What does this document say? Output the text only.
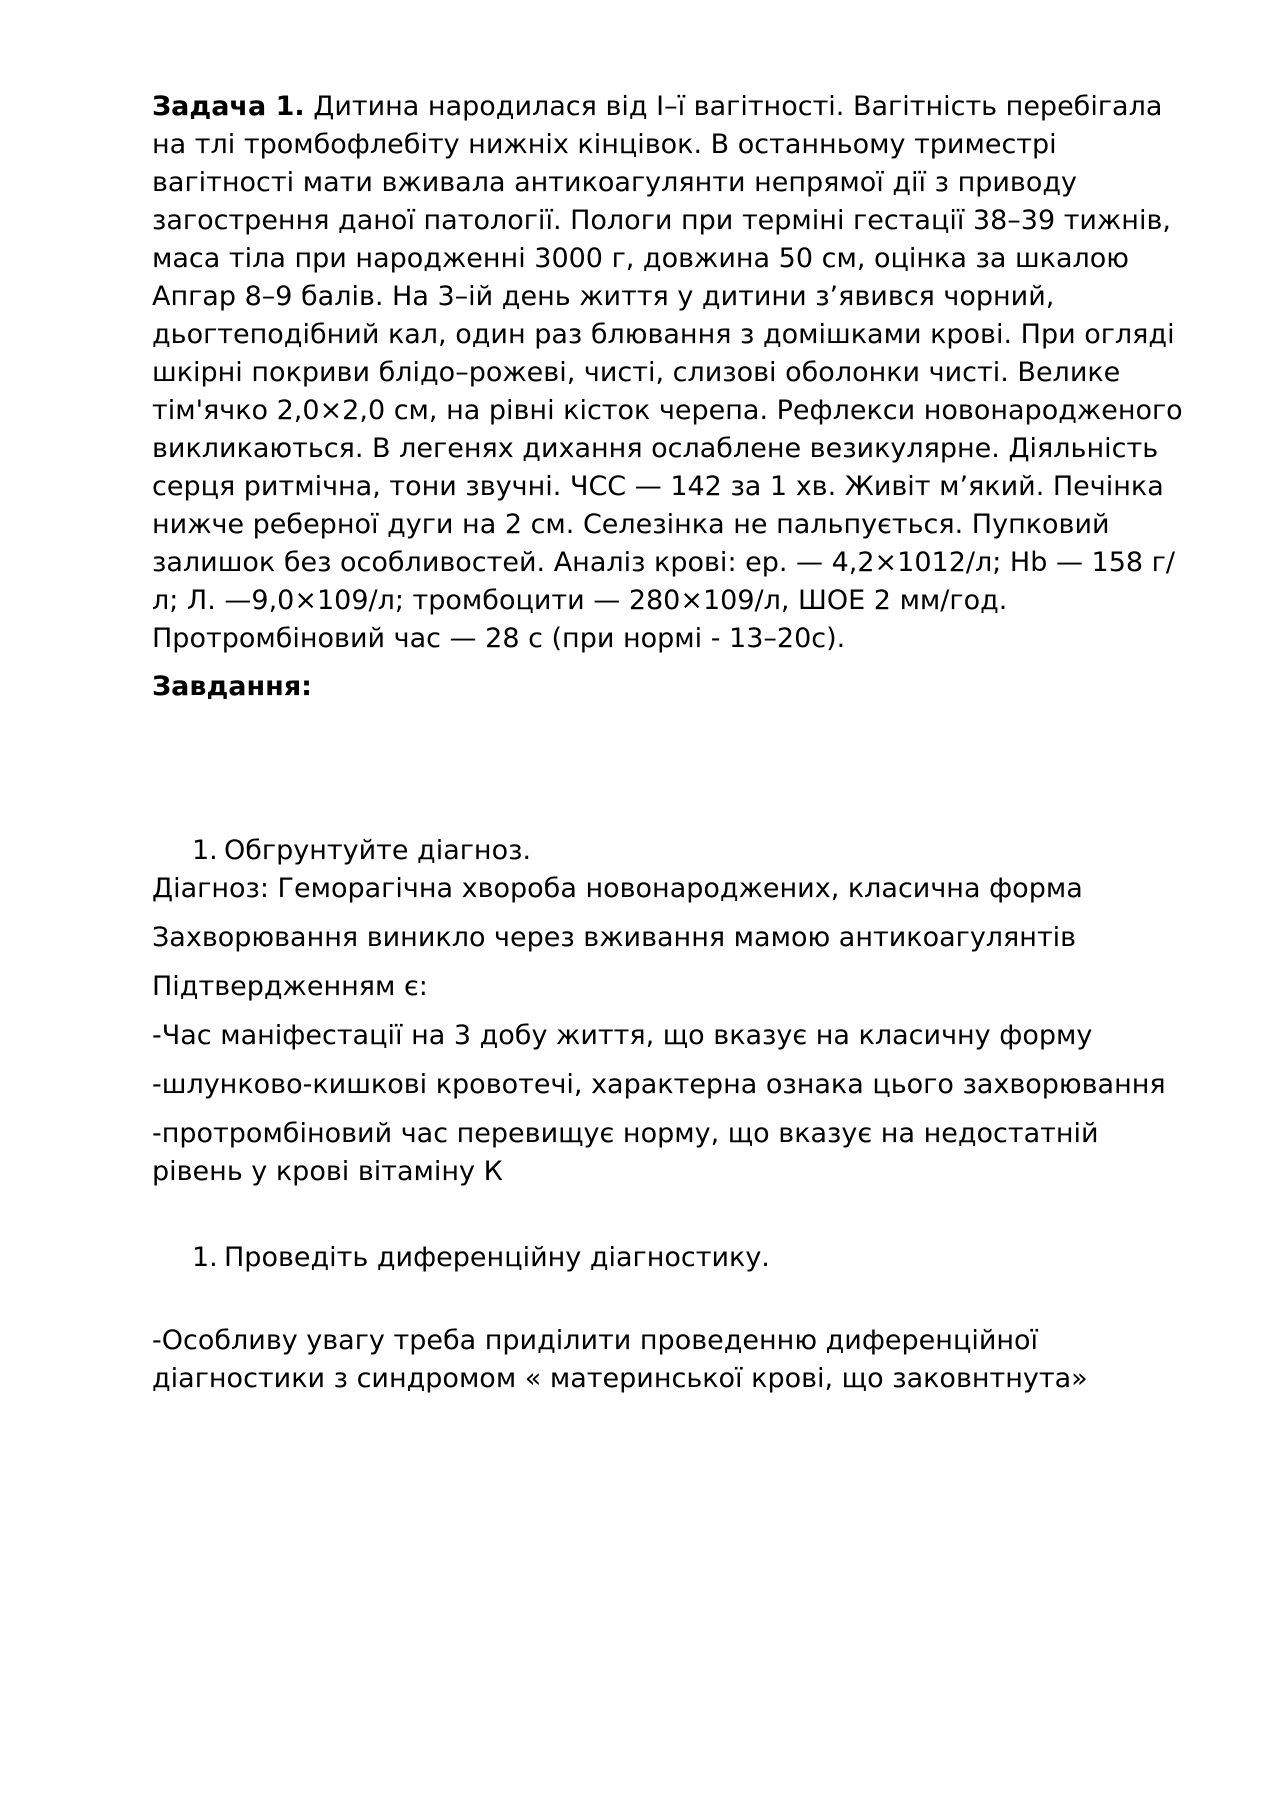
Задача 1. Дитина народилася від І–ї вагітності. Вагітність перебігала на тлі тромбофлебіту нижніх кінцівок. В останньому триместрі вагітності мати вживала антикоагулянти непрямої дії з приводу загострення даної патології. Пологи при терміні гестації 38–39 тижнів, маса тіла при народженні 3000 г, довжина 50 см, оцінка за шкалою Апгар 8–9 балів. На 3–ій день життя у дитини з’явився чорний, дьогтеподібний кал, один раз блювання з домішками крові. При огляді шкірні покриви блідо–рожеві, чисті, слизові оболонки чисті. Велике тім'ячко 2,0×2,0 см, на рівні кісток черепа. Рефлекси новонародженого викликаються. В легенях дихання ослаблене везикулярне. Діяльність серця ритмічна, тони звучні. ЧСС — 142 за 1 хв. Живіт м’який. Печінка нижче реберної дуги на 2 см. Селезінка не пальпується. Пупковий залишок без особливостей. Аналіз крові: ер. — 4,2×1012/л; Hb — 158 г/л; Л. —9,0×109/л; тромбоцити — 280×109/л, ШОЕ 2 мм/год. Протромбіновий час — 28 с (при нормі - 13–20с).

Завдання:

1. Обгрунтуйте діагноз.

Діагноз: Геморагічна хвороба новонароджених, класична форма

Захворювання виникло через вживання мамою антикоагулянтів

Підтвердженням є:

-Час маніфестації на 3 добу життя, що вказує на класичну форму

-шлунково-кишкові кровотечі, характерна ознака цього захворювання

-протромбіновий час перевищує норму, що вказує на недостатній рівень у крові вітаміну К

1. Проведіть диференційну діагностику.

-Особливу увагу треба приділити проведенню диференційної діагностики з синдромом « материнської крові, що заковнтнута»
